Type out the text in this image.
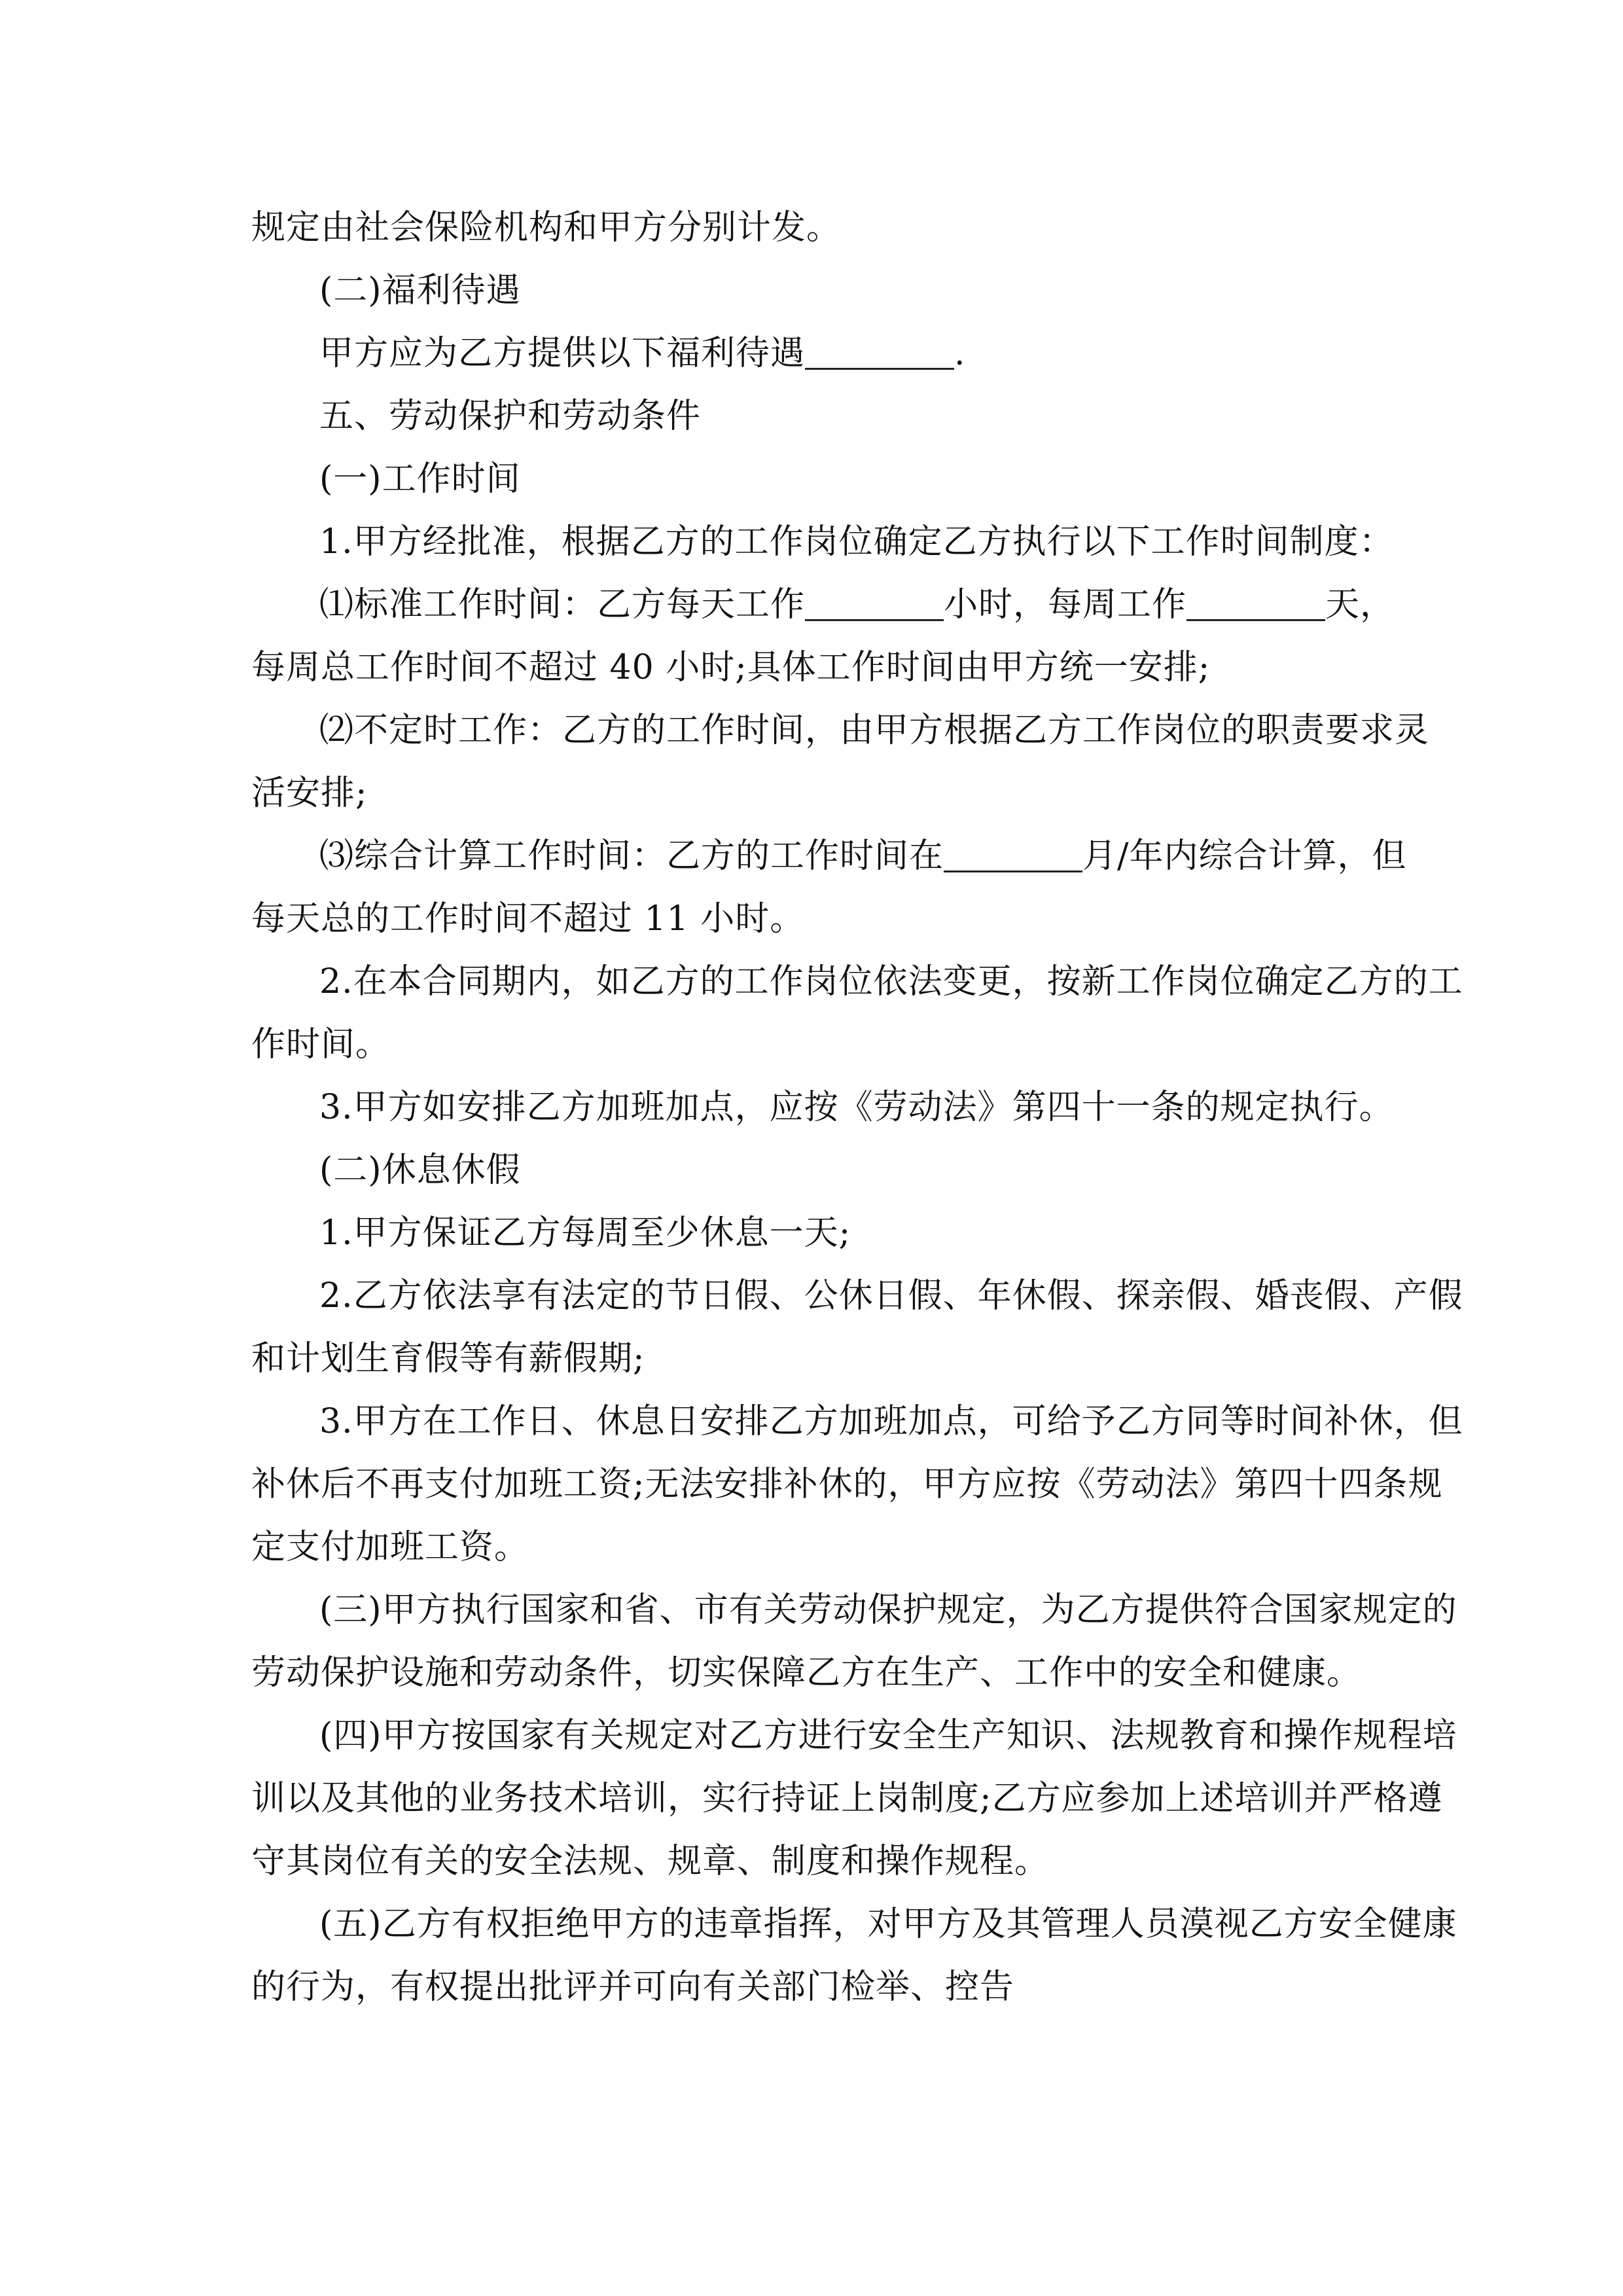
规定由社会保险机构和甲方分别计发。

(二)福利待遇

甲方应为乙方提供以下福利待遇	.

五、劳动保护和劳动条件

(一)工作时间

1.甲方经批准，根据乙方的工作岗位确定乙方执行以下工作时间制度：

⑴标准工作时间：乙方每天工作	小时，每周工作	天，

每周总工作时间不超过 40 小时;具体工作时间由甲方统一安排;

⑵不定时工作：乙方的工作时间，由甲方根据乙方工作岗位的职责要求灵

活安排;

⑶综合计算工作时间：乙方的工作时间在	月/年内综合计算，但

每天总的工作时间不超过 11 小时。

2.在本合同期内，如乙方的工作岗位依法变更，按新工作岗位确定乙方的工

作时间。

3.甲方如安排乙方加班加点，应按《劳动法》第四十一条的规定执行。

(二)休息休假

1.甲方保证乙方每周至少休息一天;

2.乙方依法享有法定的节日假、公休日假、年休假、探亲假、婚丧假、产假

和计划生育假等有薪假期;

3.甲方在工作日、休息日安排乙方加班加点，可给予乙方同等时间补休，但

补休后不再支付加班工资;无法安排补休的，甲方应按《劳动法》第四十四条规

定支付加班工资。

(三)甲方执行国家和省、市有关劳动保护规定，为乙方提供符合国家规定的

劳动保护设施和劳动条件，切实保障乙方在生产、工作中的安全和健康。

(四)甲方按国家有关规定对乙方进行安全生产知识、法规教育和操作规程培

训以及其他的业务技术培训，实行持证上岗制度;乙方应参加上述培训并严格遵

守其岗位有关的安全法规、规章、制度和操作规程。

(五)乙方有权拒绝甲方的违章指挥，对甲方及其管理人员漠视乙方安全健康

的行为，有权提出批评并可向有关部门检举、控告
